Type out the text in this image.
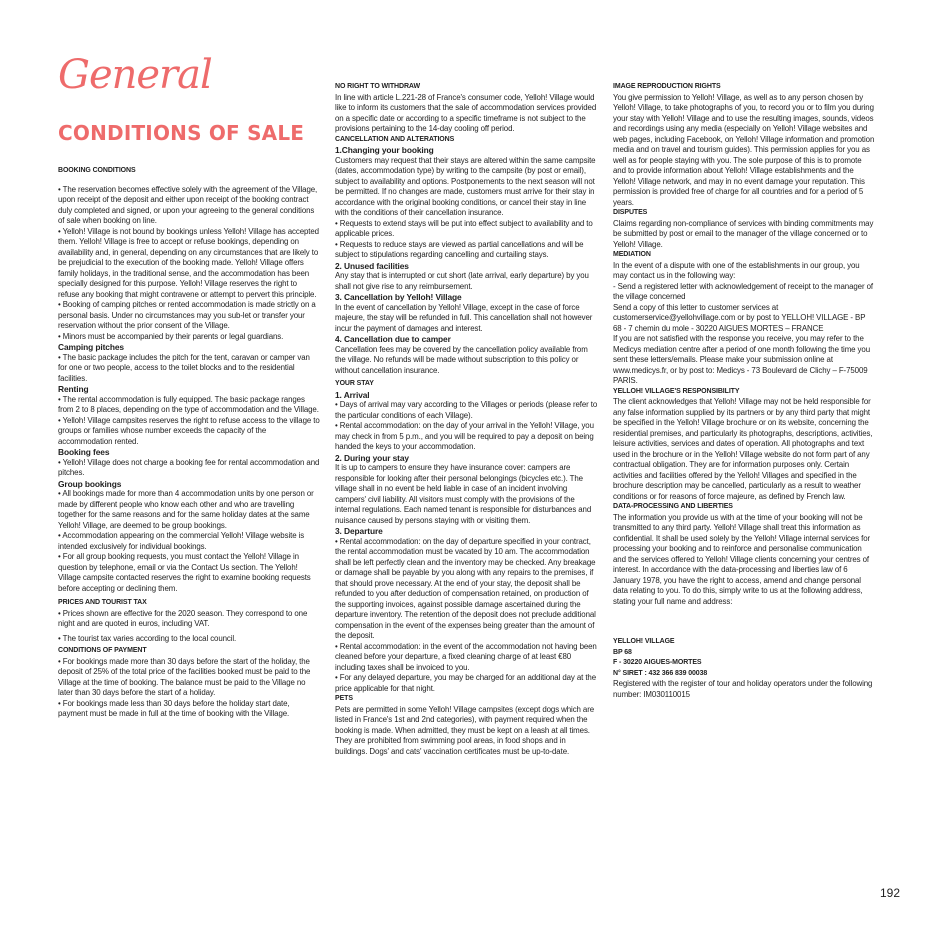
General
CONDITIONS OF SALE

BOOKING CONDITIONS

• The reservation becomes effective solely with the agreement of the Village, upon receipt of the deposit and either upon receipt of the booking contract duly completed and signed, or upon your agreeing to the general conditions of sale when booking on line.
• Yelloh! Village is not bound by bookings unless Yelloh! Village has accepted them. Yelloh! Village is free to accept or refuse bookings, depending on availability and, in general, depending on any circumstances that are likely to be prejudicial to the execution of the booking made. Yelloh! Village offers family holidays, in the traditional sense, and the accommodation has been specially designed for this purpose. Yelloh! Village reserves the right to refuse any booking that might contravene or attempt to pervert this principle.
• Booking of camping pitches or rented accommodation is made strictly on a personal basis. Under no circumstances may you sub-let or transfer your reservation without the prior consent of the Village.
• Minors must be accompanied by their parents or legal guardians.

Camping pitches

• The basic package includes the pitch for the tent, caravan or camper van for one or two people, access to the toilet blocks and to the residential facilities.

Renting

• The rental accommodation is fully equipped. The basic package ranges from 2 to 8 places, depending on the type of accommodation and the Village.
• Yelloh! Village campsites reserves the right to refuse access to the village to groups or families whose number exceeds the capacity of the accommodation rented.

Booking fees

• Yelloh! Village does not charge a booking fee for rental accommodation and pitches.

Group bookings

• All bookings made for more than 4 accommodation units by one person or made by different people who know each other and who are travelling together for the same reasons and for the same holiday dates at the same Yelloh! Village, are deemed to be group bookings.
• Accommodation appearing on the commercial Yelloh! Village website is intended exclusively for individual bookings.
• For all group booking requests, you must contact the Yelloh! Village in question by telephone, email or via the Contact Us section. The Yelloh! Village campsite contacted reserves the right to examine booking requests before accepting or declining them.

PRICES AND TOURIST TAX

• Prices shown are effective for the 2020 season. They correspond to one night and are quoted in euros, including VAT.

• The tourist tax varies according to the local council.

CONDITIONS OF PAYMENT

• For bookings made more than 30 days before the start of the holiday, the deposit of 25% of the total price of the facilities booked must be paid to the Village at the time of booking. The balance must be paid to the Village no later than 30 days before the start of a holiday.
• For bookings made less than 30 days before the holiday start date, payment must be made in full at the time of booking with the Village.

NO RIGHT TO WITHDRAW

In line with article L.221-28 of France's consumer code, Yelloh! Village would like to inform its customers that the sale of accommodation services provided on a specific date or according to a specific timeframe is not subject to the provisions pertaining to the 14-day cooling off period.

CANCELLATION AND ALTERATIONS

1.Changing your booking

Customers may request that their stays are altered within the same campsite (dates, accommodation type) by writing to the campsite (by post or email), subject to availability and options. Postponements to the next season will not be permitted. If no changes are made, customers must arrive for their stay in accordance with the original booking conditions, or cancel their stay in line with the conditions of their cancellation insurance.
• Requests to extend stays will be put into effect subject to availability and to applicable prices.
• Requests to reduce stays are viewed as partial cancellations and will be subject to stipulations regarding cancelling and curtailing stays.

2. Unused facilities

Any stay that is interrupted or cut short (late arrival, early departure) by you shall not give rise to any reimbursement.

3. Cancellation by Yelloh! Village

In the event of cancellation by Yelloh! Village, except in the case of force majeure, the stay will be refunded in full. This cancellation shall not however incur the payment of damages and interest.

4. Cancellation due to camper

Cancellation fees may be covered by the cancellation policy available from the village. No refunds will be made without subscription to this policy or without cancellation insurance.

YOUR STAY

1. Arrival

• Days of arrival may vary according to the Villages or periods (please refer to the particular conditions of each Village).
• Rental accommodation: on the day of your arrival in the Yelloh! Village, you may check in from 5 p.m., and you will be required to pay a deposit on being handed the keys to your accommodation.

2. During your stay

It is up to campers to ensure they have insurance cover: campers are responsible for looking after their personal belongings (bicycles etc.). The village shall in no event be held liable in case of an incident involving campers' civil liability. All visitors must comply with the provisions of the internal regulations. Each named tenant is responsible for disturbances and nuisance caused by persons staying with or visiting them.

3. Departure

• Rental accommodation: on the day of departure specified in your contract, the rental accommodation must be vacated by 10 am. The accommodation shall be left perfectly clean and the inventory may be checked. Any breakage or damage shall be payable by you along with any repairs to the premises, if that should prove necessary. At the end of your stay, the deposit shall be refunded to you after deduction of compensation retained, on production of the supporting invoices, against possible damage ascertained during the departure inventory. The retention of the deposit does not preclude additional compensation in the event of the expenses being greater than the amount of the deposit.
• Rental accommodation: in the event of the accommodation not having been cleaned before your departure, a fixed cleaning charge of at least €80 including taxes shall be invoiced to you.
• For any delayed departure, you may be charged for an additional day at the price applicable for that night.

PETS

Pets are permitted in some Yelloh! Village campsites (except dogs which are listed in France's 1st and 2nd categories), with payment required when the booking is made. When admitted, they must be kept on a leash at all times. They are prohibited from swimming pool areas, in food shops and in buildings. Dogs' and cats' vaccination certificates must be up-to-date.

IMAGE REPRODUCTION RIGHTS

You give permission to Yelloh! Village, as well as to any person chosen by Yelloh! Village, to take photographs of you, to record you or to film you during your stay with Yelloh! Village and to use the resulting images, sounds, videos and recordings using any media (especially on Yelloh! Village websites and web pages, including Facebook, on Yelloh! Village information and promotion media and on travel and tourism guides). This permission applies for you as well as for people staying with you. The sole purpose of this is to promote and to provide information about Yelloh! Village establishments and the Yelloh! Village network, and may in no event damage your reputation. This permission is provided free of charge for all countries and for a period of 5 years.

DISPUTES

Claims regarding non-compliance of services with binding commitments may be submitted by post or email to the manager of the village concerned or to Yelloh! Village.

MEDIATION

In the event of a dispute with one of the establishments in our group, you may contact us in the following way:
- Send a registered letter with acknowledgement of receipt to the manager of the village concerned
Send a copy of this letter to customer services at customerservice@yellohvillage.com or by post to YELLOH! VILLAGE - BP 68 - 7 chemin du mole - 30220 AIGUES MORTES – FRANCE
If you are not satisfied with the response you receive, you may refer to the Medicys mediation centre after a period of one month following the time you sent these letters/emails. Please make your submission online at www.medicys.fr, or by post to: Medicys - 73 Boulevard de Clichy – F-75009 PARIS.

YELLOH! VILLAGE'S RESPONSIBILITY

The client acknowledges that Yelloh! Village may not be held responsible for any false information supplied by its partners or by any third party that might be specified in the Yelloh! Village brochure or on its website, concerning the residential premises, and particularly its photographs, descriptions, activities, leisure activities, services and dates of operation. All photographs and text used in the brochure or in the Yelloh! Village website do not form part of any contractual obligation. They are for information purposes only. Certain activities and facilities offered by the Yelloh! Villages and specified in the brochure description may be cancelled, particularly as a result to weather conditions or for reasons of force majeure, as defined by French law.

DATA-PROCESSING AND LIBERTIES

The information you provide us with at the time of your booking will not be transmitted to any third party. Yelloh! Village shall treat this information as confidential. It shall be used solely by the Yelloh! Village internal services for processing your booking and to reinforce and personalise communication and the services offered to Yelloh! Village clients concerning your centres of interest. In accordance with the data-processing and liberties law of 6 January 1978, you have the right to access, amend and change personal data relating to you. To do this, simply write to us at the following address, stating your full name and address:

YELLOH! VILLAGE

BP 68

F - 30220 AIGUES-MORTES

N° SIRET : 432 366 839 00038

Registered with the register of tour and holiday operators under the following number: IM030110015

192
